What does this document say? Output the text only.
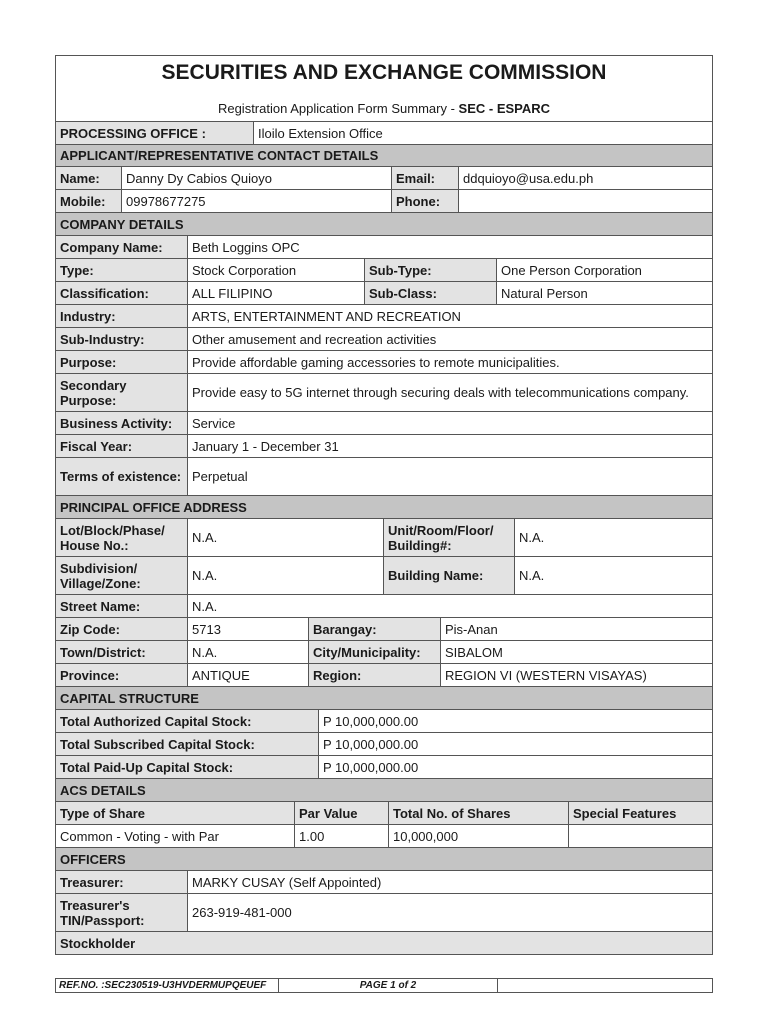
SECURITIES AND EXCHANGE COMMISSION
Registration Application Form Summary - SEC - ESPARC
PROCESSING OFFICE :	Iloilo Extension Office
APPLICANT/REPRESENTATIVE CONTACT DETAILS
Name:	Danny Dy Cabios Quioyo	Email:	ddquioyo@usa.edu.ph
Mobile:	09978677275	Phone:
COMPANY DETAILS
Company Name:	Beth Loggins OPC
Type:	Stock Corporation	Sub-Type:	One Person Corporation
Classification:	ALL FILIPINO	Sub-Class:	Natural Person
Industry:	ARTS, ENTERTAINMENT AND RECREATION
Sub-Industry:	Other amusement and recreation activities
Purpose:	Provide affordable gaming accessories to remote municipalities.
Secondary Purpose:	Provide easy to 5G internet through securing deals with telecommunications company.
Business Activity:	Service
Fiscal Year:	January 1 - December 31
Terms of existence: Perpetual
PRINCIPAL OFFICE ADDRESS
Lot/Block/Phase/ House No.:	N.A.	Unit/Room/Floor/ Building#:	N.A.
Subdivision/ Village/Zone:	N.A.	Building Name:	N.A.
Street Name:	N.A.
Zip Code:	5713	Barangay:	Pis-Anan
Town/District:	N.A.	City/Municipality:	SIBALOM
Province:	ANTIQUE	Region:	REGION VI (WESTERN VISAYAS)
CAPITAL STRUCTURE
Total Authorized Capital Stock:	P 10,000,000.00
Total Subscribed Capital Stock:	P 10,000,000.00
Total Paid-Up Capital Stock:	P 10,000,000.00
ACS DETAILS
Type of Share	Par Value	Total No. of Shares	Special Features
Common - Voting - with Par	1.00	10,000,000
OFFICERS
Treasurer:	MARKY CUSAY (Self Appointed)
Treasurer's TIN/Passport:	263-919-481-000
Stockholder
REF.NO. :SEC230519-U3HVDERMUPQEUEF	PAGE 1 of 2
